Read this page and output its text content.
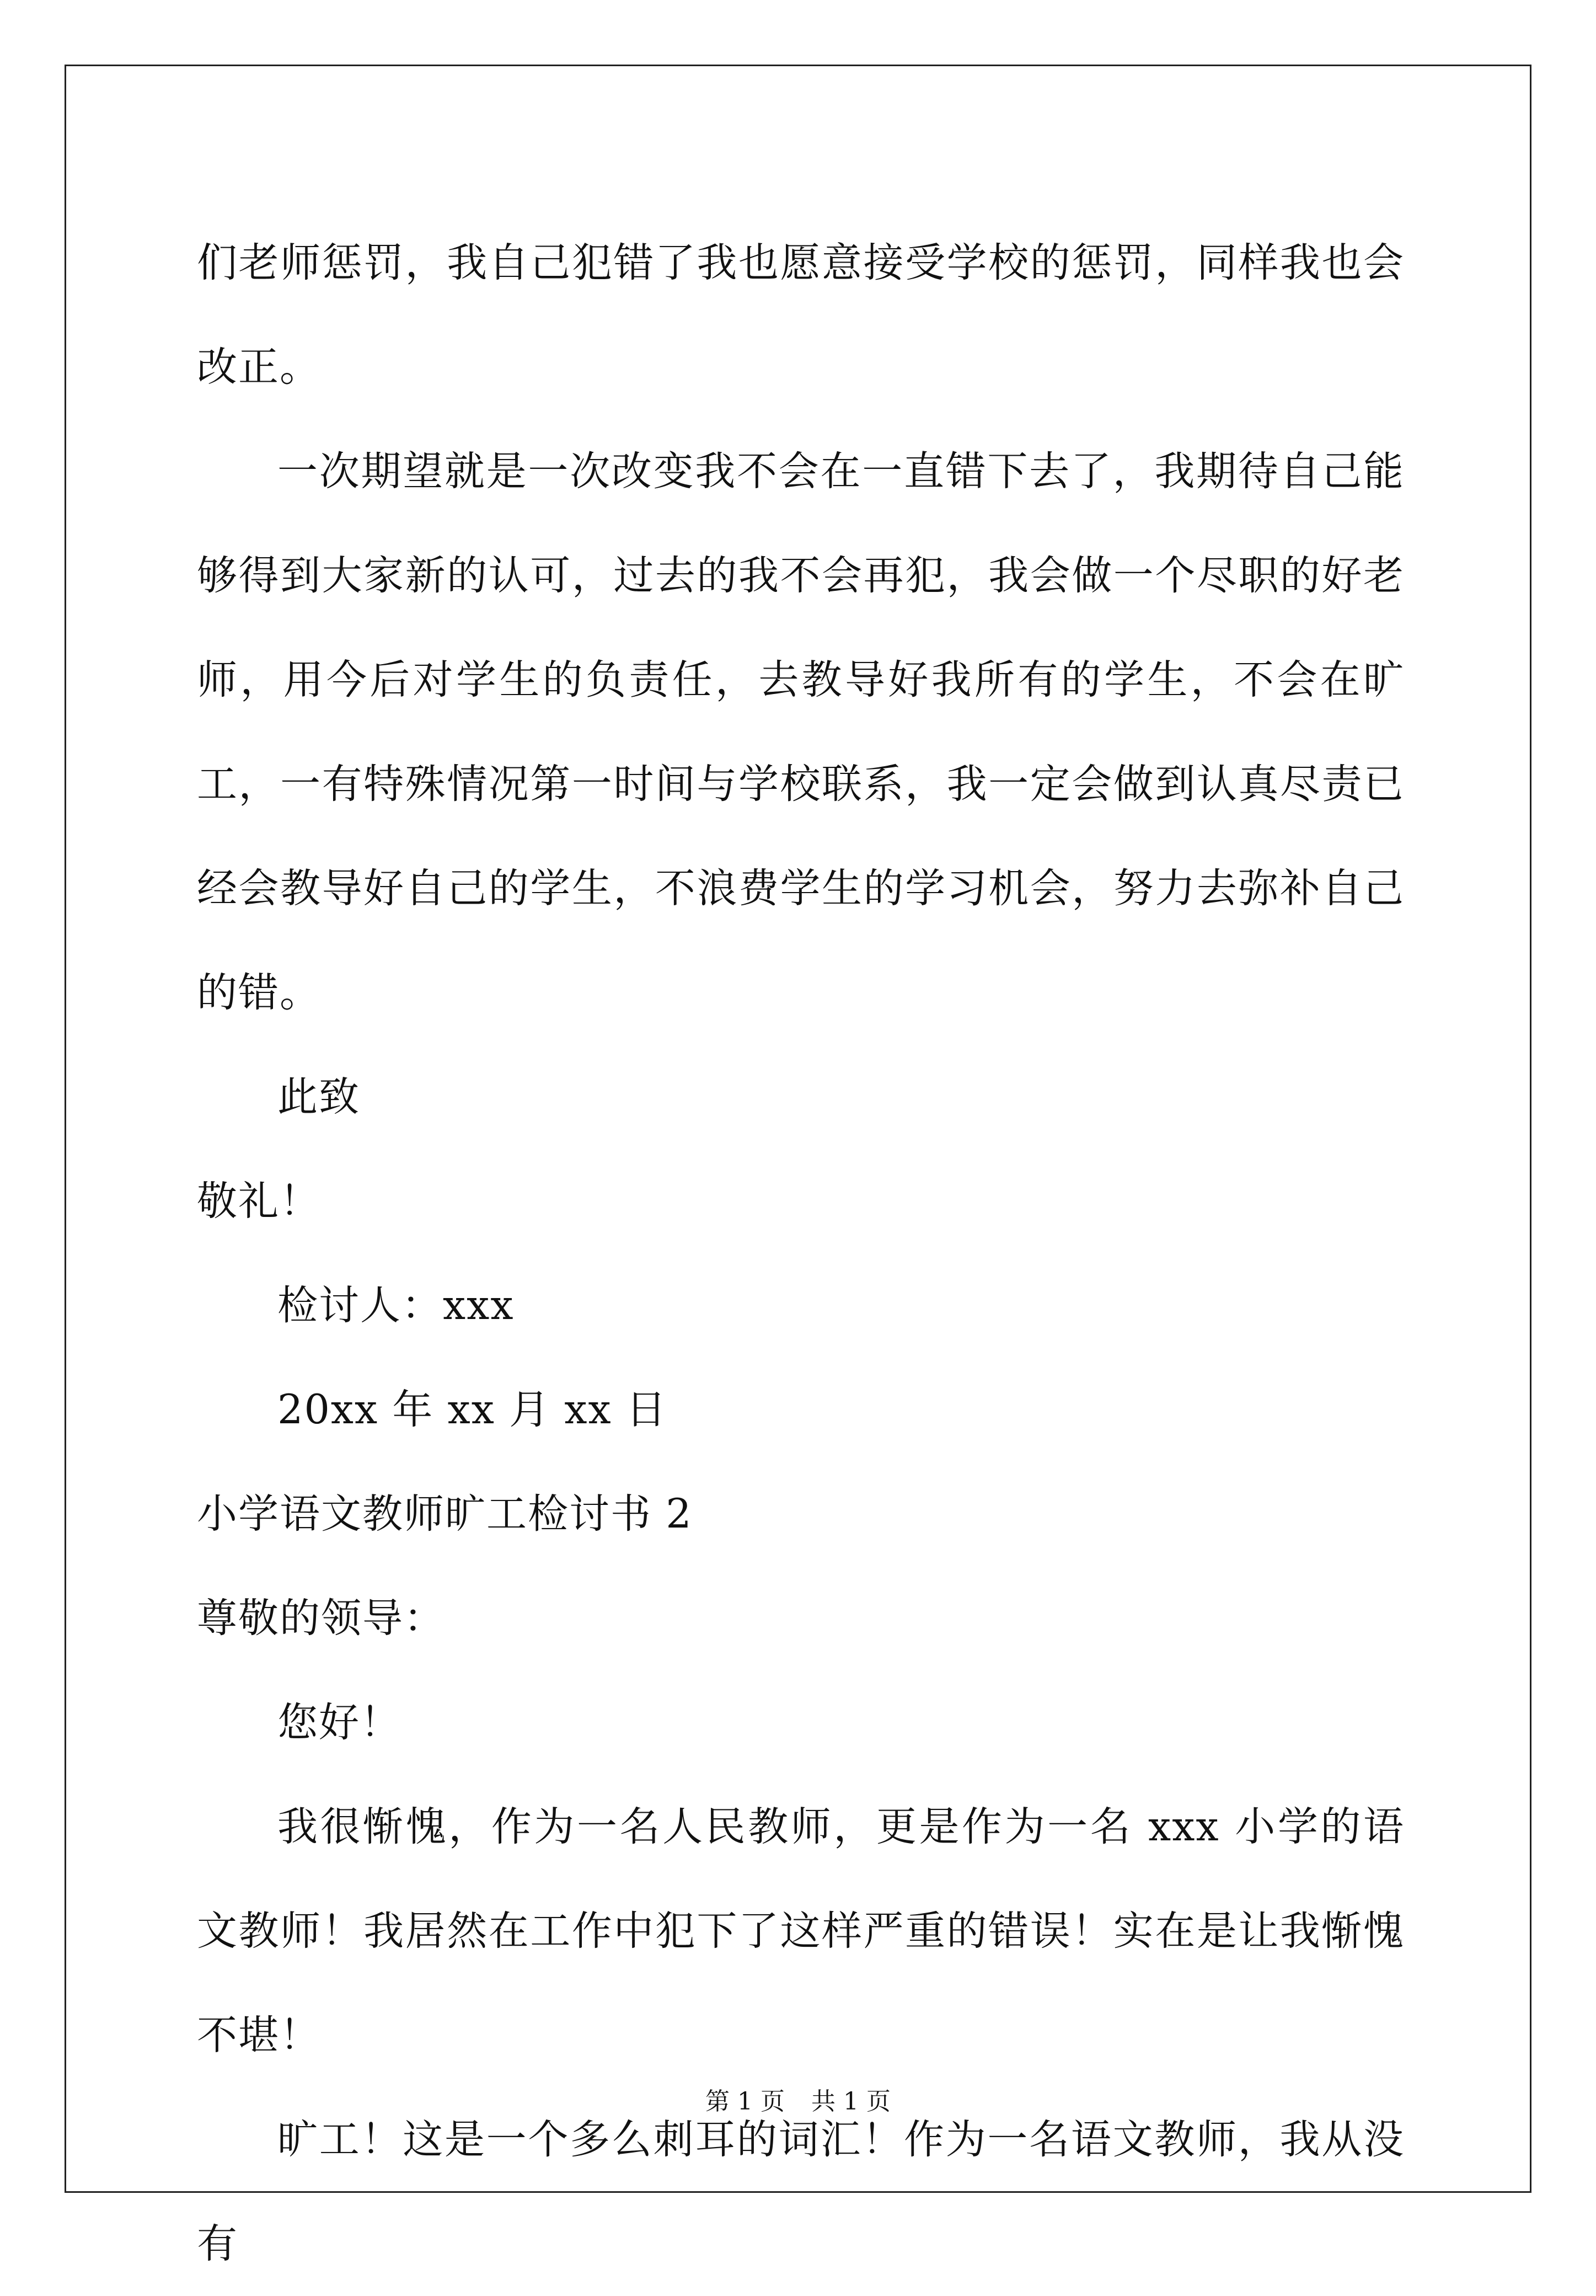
们老师惩罚，我自己犯错了我也愿意接受学校的惩罚，同样我也会改正。

一次期望就是一次改变我不会在一直错下去了，我期待自己能够得到大家新的认可，过去的我不会再犯，我会做一个尽职的好老师，用今后对学生的负责任，去教导好我所有的学生，不会在旷工，一有特殊情况第一时间与学校联系，我一定会做到认真尽责已经会教导好自己的学生，不浪费学生的学习机会，努力去弥补自己的错。

此致

敬礼！

检讨人：xxx

20xx 年 xx 月 xx 日

小学语文教师旷工检讨书 2

尊敬的领导：

您好！

我很惭愧，作为一名人民教师，更是作为一名 xxx 小学的语文教师！我居然在工作中犯下了这样严重的错误！实在是让我惭愧不堪！

旷工！这是一个多么刺耳的词汇！作为一名语文教师，我从没有

第 1 页 共 1 页
